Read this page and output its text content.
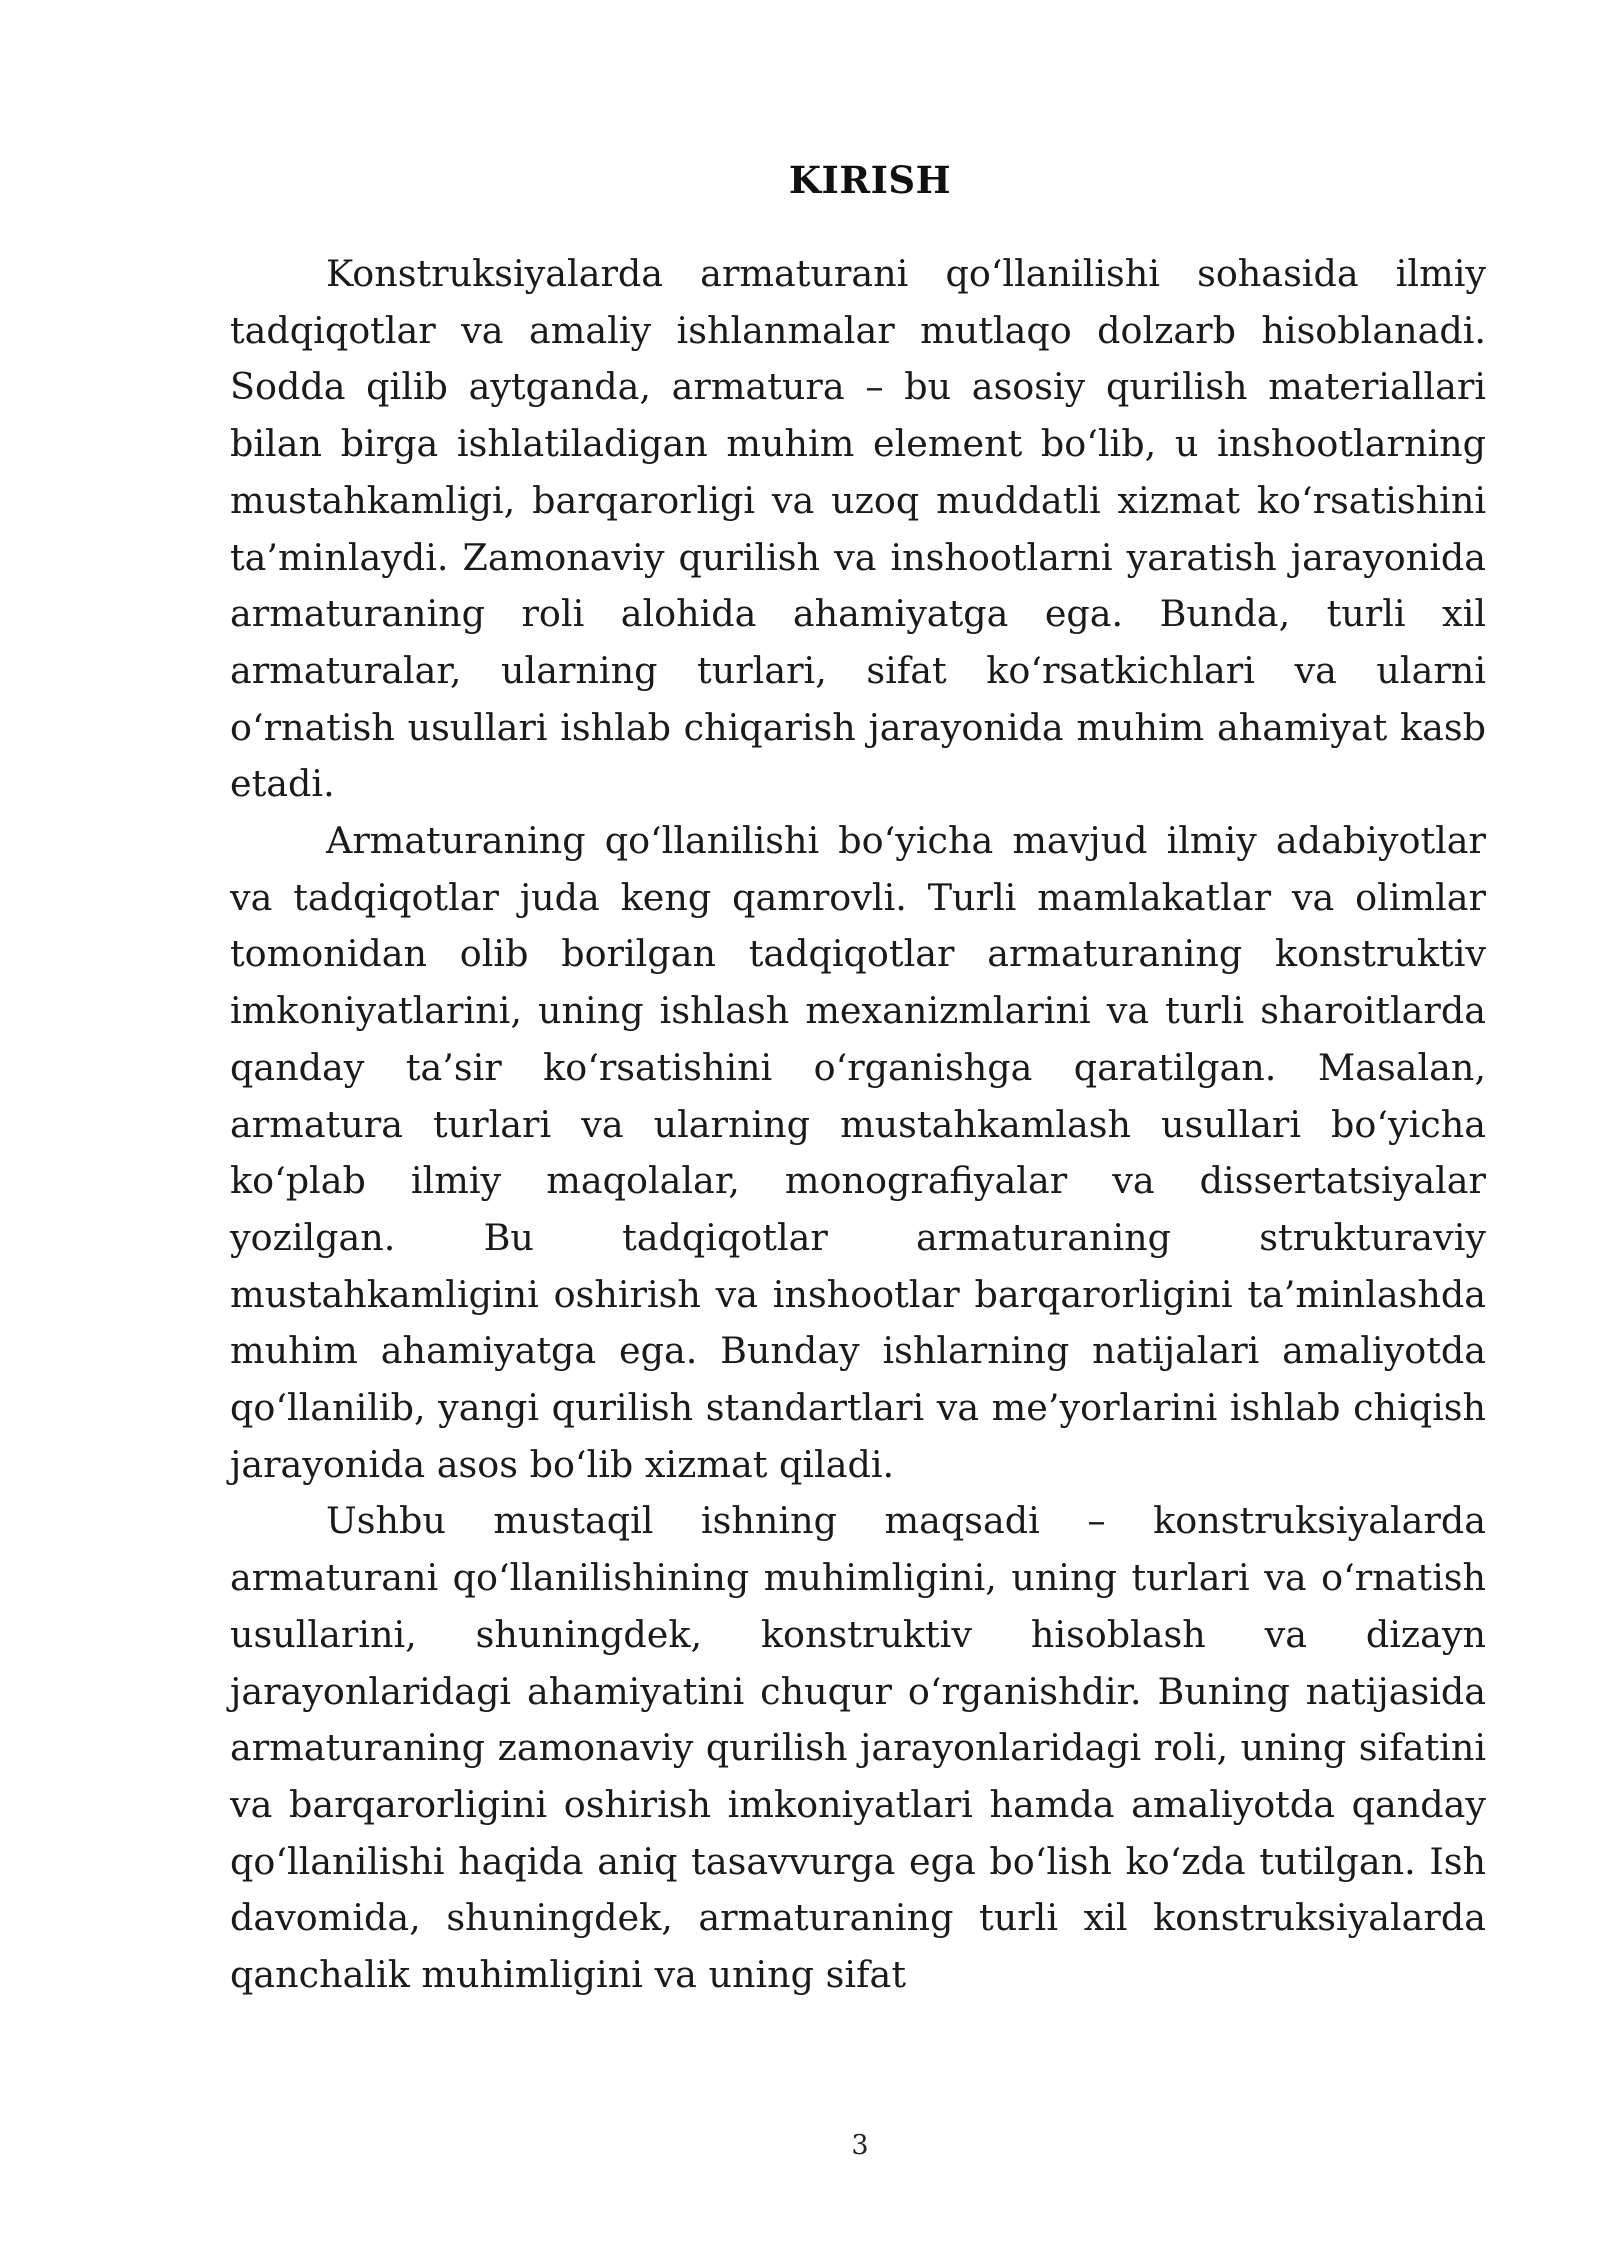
KIRISH

Konstruksiyalarda armaturani qo‘llanilishi sohasida ilmiy tadqiqotlar va amaliy ishlanmalar mutlaqo dolzarb hisoblanadi. Sodda qilib aytganda, armatura – bu asosiy qurilish materiallari bilan birga ishlatiladigan muhim element bo‘lib, u inshootlarning mustahkamligi, barqarorligi va uzoq muddatli xizmat ko‘rsatishini ta’minlaydi. Zamonaviy qurilish va inshootlarni yaratish jarayonida armaturaning roli alohida ahamiyatga ega. Bunda, turli xil armaturalar, ularning turlari, sifat ko‘rsatkichlari va ularni o‘rnatish usullari ishlab chiqarish jarayonida muhim ahamiyat kasb etadi.

Armaturaning qo‘llanilishi bo‘yicha mavjud ilmiy adabiyotlar va tadqiqotlar juda keng qamrovli. Turli mamlakatlar va olimlar tomonidan olib borilgan tadqiqotlar armaturaning konstruktiv imkoniyatlarini, uning ishlash mexanizmlarini va turli sharoitlarda qanday ta’sir ko‘rsatishini o‘rganishga qaratilgan. Masalan, armatura turlari va ularning mustahkamlash usullari bo‘yicha ko‘plab ilmiy maqolalar, monografiyalar va dissertatsiyalar yozilgan. Bu tadqiqotlar armaturaning strukturaviy mustahkamligini oshirish va inshootlar barqarorligini ta’minlashda muhim ahamiyatga ega. Bunday ishlarning natijalari amaliyotda qo‘llanilib, yangi qurilish standartlari va me’yorlarini ishlab chiqish jarayonida asos bo‘lib xizmat qiladi.

Ushbu mustaqil ishning maqsadi – konstruksiyalarda armaturani qo‘llanilishining muhimligini, uning turlari va o‘rnatish usullarini, shuningdek, konstruktiv hisoblash va dizayn jarayonlaridagi ahamiyatini chuqur o‘rganishdir. Buning natijasida armaturaning zamonaviy qurilish jarayonlaridagi roli, uning sifatini va barqarorligini oshirish imkoniyatlari hamda amaliyotda qanday qo‘llanilishi haqida aniq tasavvurga ega bo‘lish ko‘zda tutilgan. Ish davomida, shuningdek, armaturaning turli xil konstruksiyalarda qanchalik muhimligini va uning sifat

3
